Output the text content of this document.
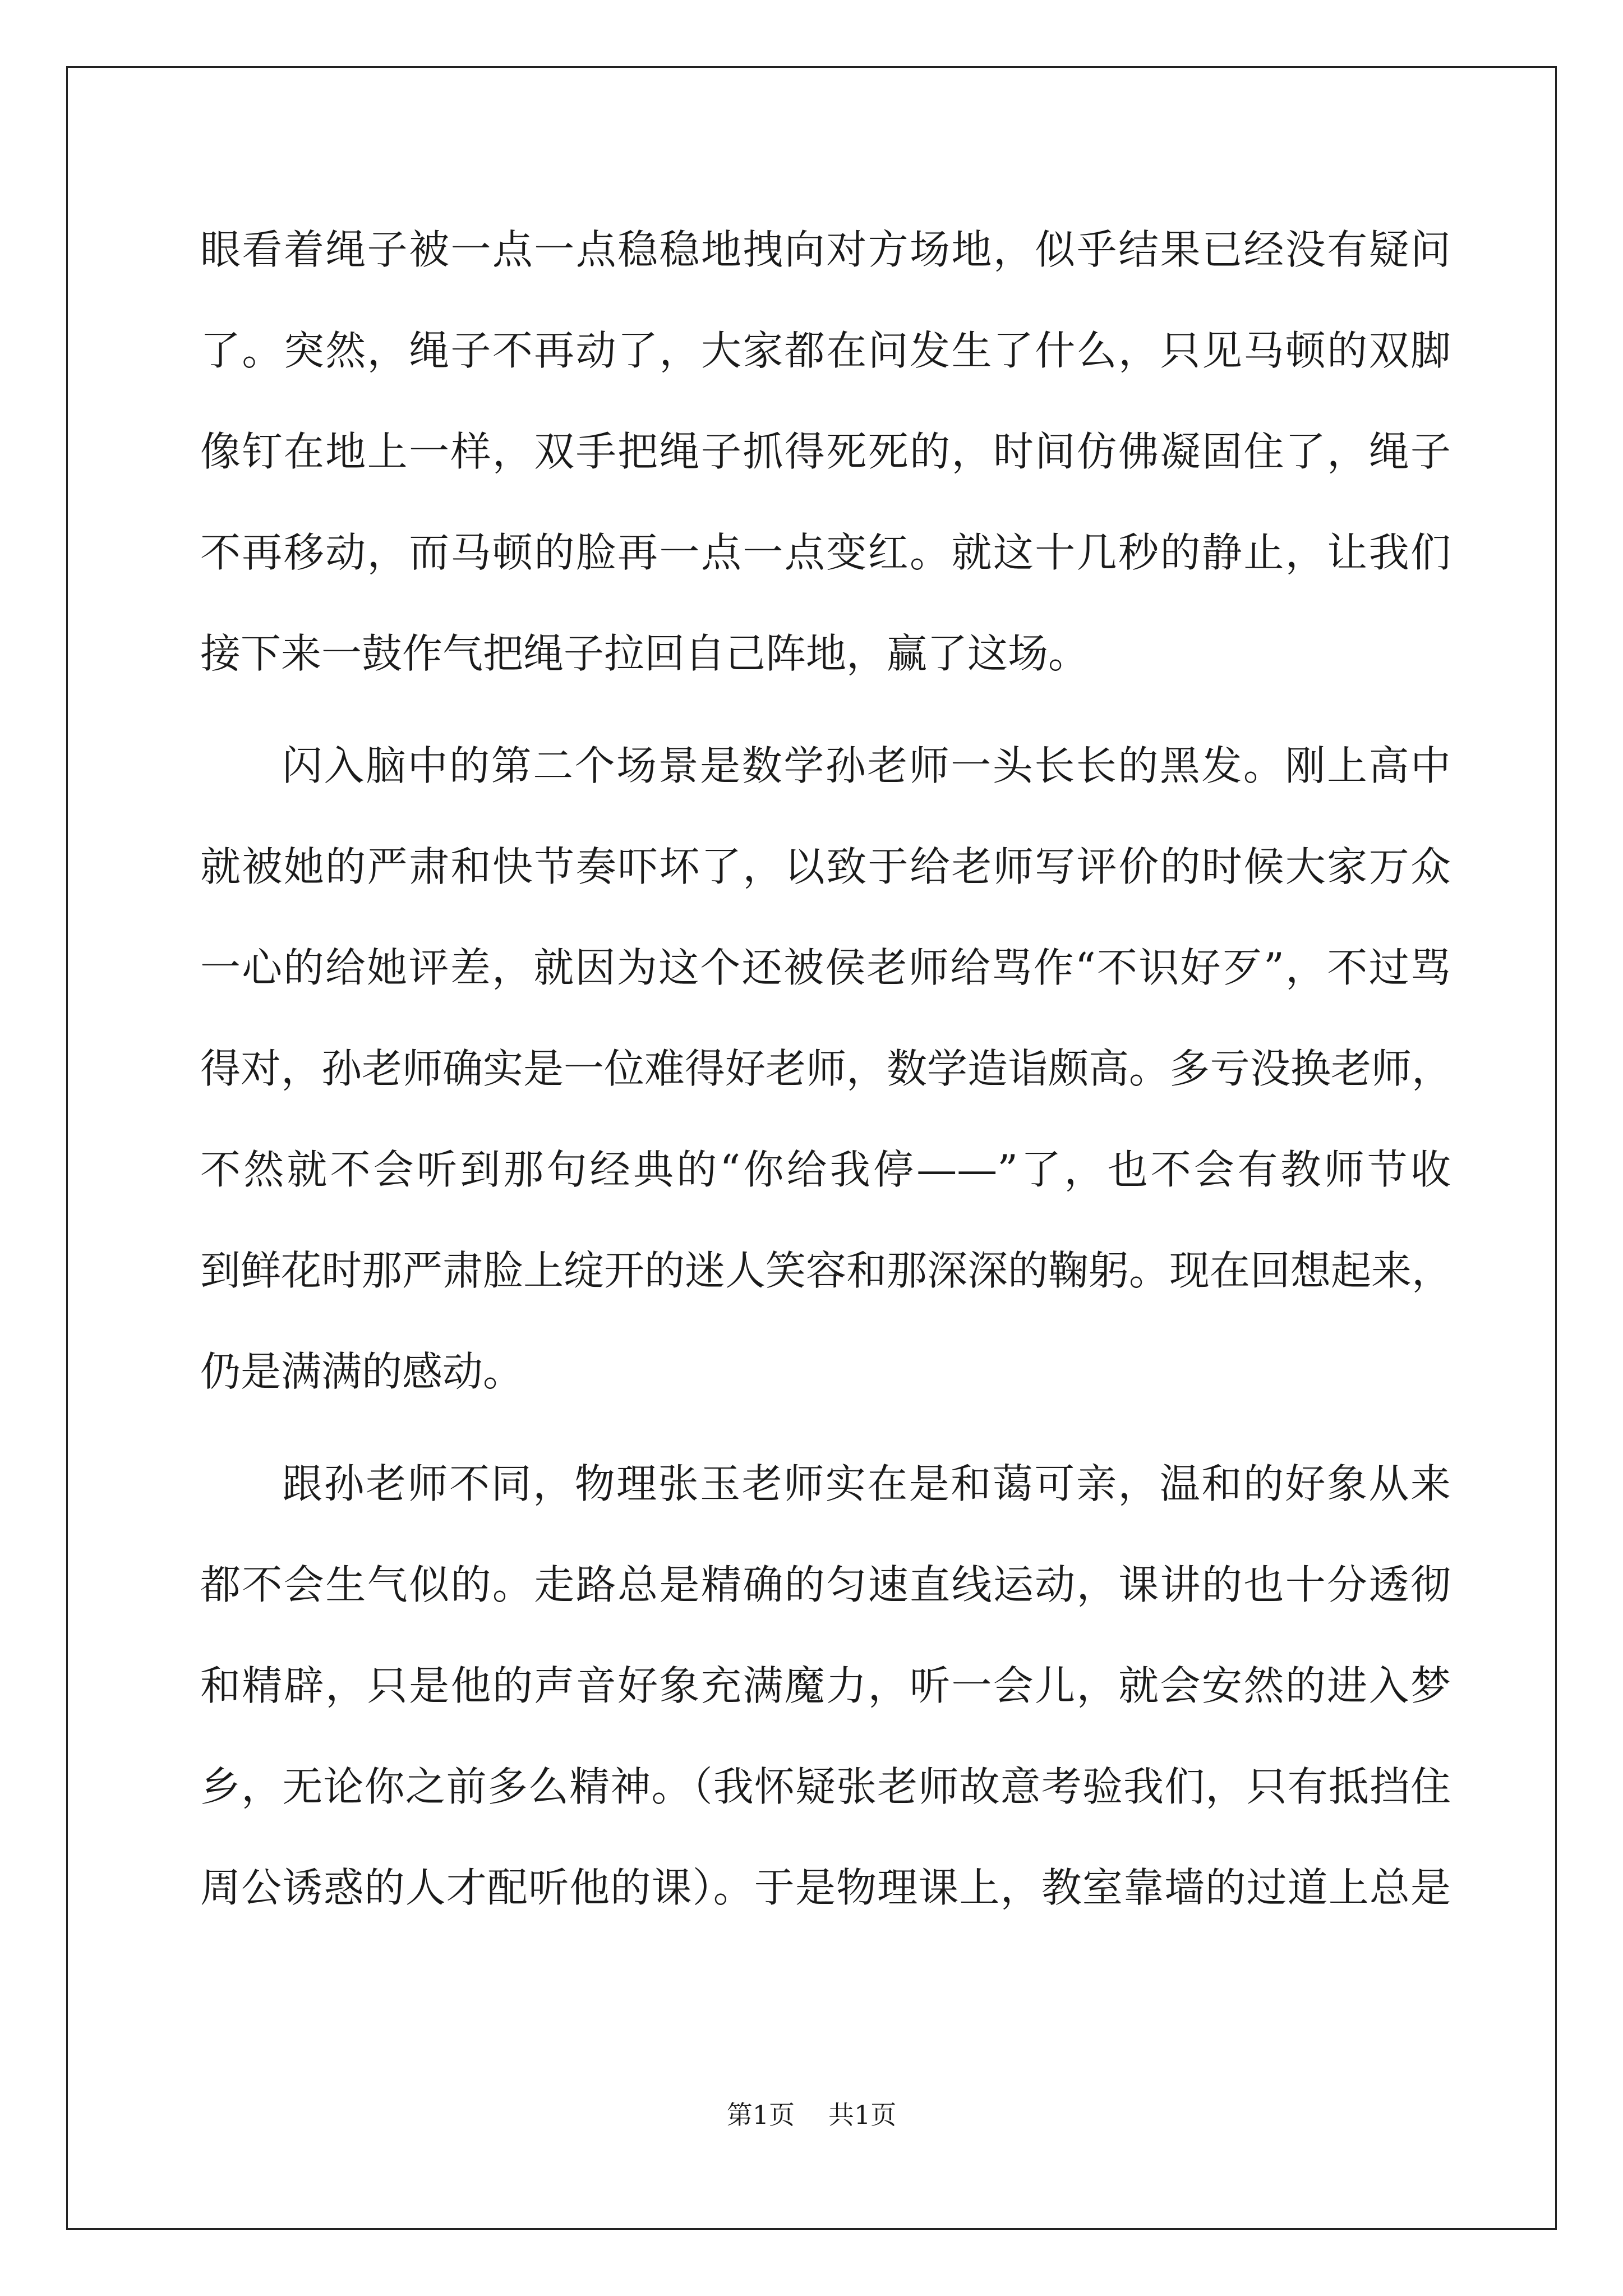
眼看着绳子被一点一点稳稳地拽向对方场地，似乎结果已经没有疑问
了。突然，绳子不再动了，大家都在问发生了什么，只见马顿的双脚
像钉在地上一样，双手把绳子抓得死死的，时间仿佛凝固住了，绳子
不再移动，而马顿的脸再一点一点变红。就这十几秒的静止，让我们
接下来一鼓作气把绳子拉回自己阵地，赢了这场。

闪入脑中的第二个场景是数学孙老师一头长长的黑发。刚上高中
就被她的严肃和快节奏吓坏了，以致于给老师写评价的时候大家万众
一心的给她评差，就因为这个还被侯老师给骂作“不识好歹”，不过骂
得对，孙老师确实是一位难得好老师，数学造诣颇高。多亏没换老师，
不然就不会听到那句经典的“你给我停——”了，也不会有教师节收
到鲜花时那严肃脸上绽开的迷人笑容和那深深的鞠躬。现在回想起来，
仍是满满的感动。

跟孙老师不同，物理张玉老师实在是和蔼可亲，温和的好象从来
都不会生气似的。走路总是精确的匀速直线运动，课讲的也十分透彻
和精辟，只是他的声音好象充满魔力，听一会儿，就会安然的进入梦
乡，无论你之前多么精神。（我怀疑张老师故意考验我们，只有抵挡住
周公诱惑的人才配听他的课）。于是物理课上，教室靠墙的过道上总是

第1页 共1页
